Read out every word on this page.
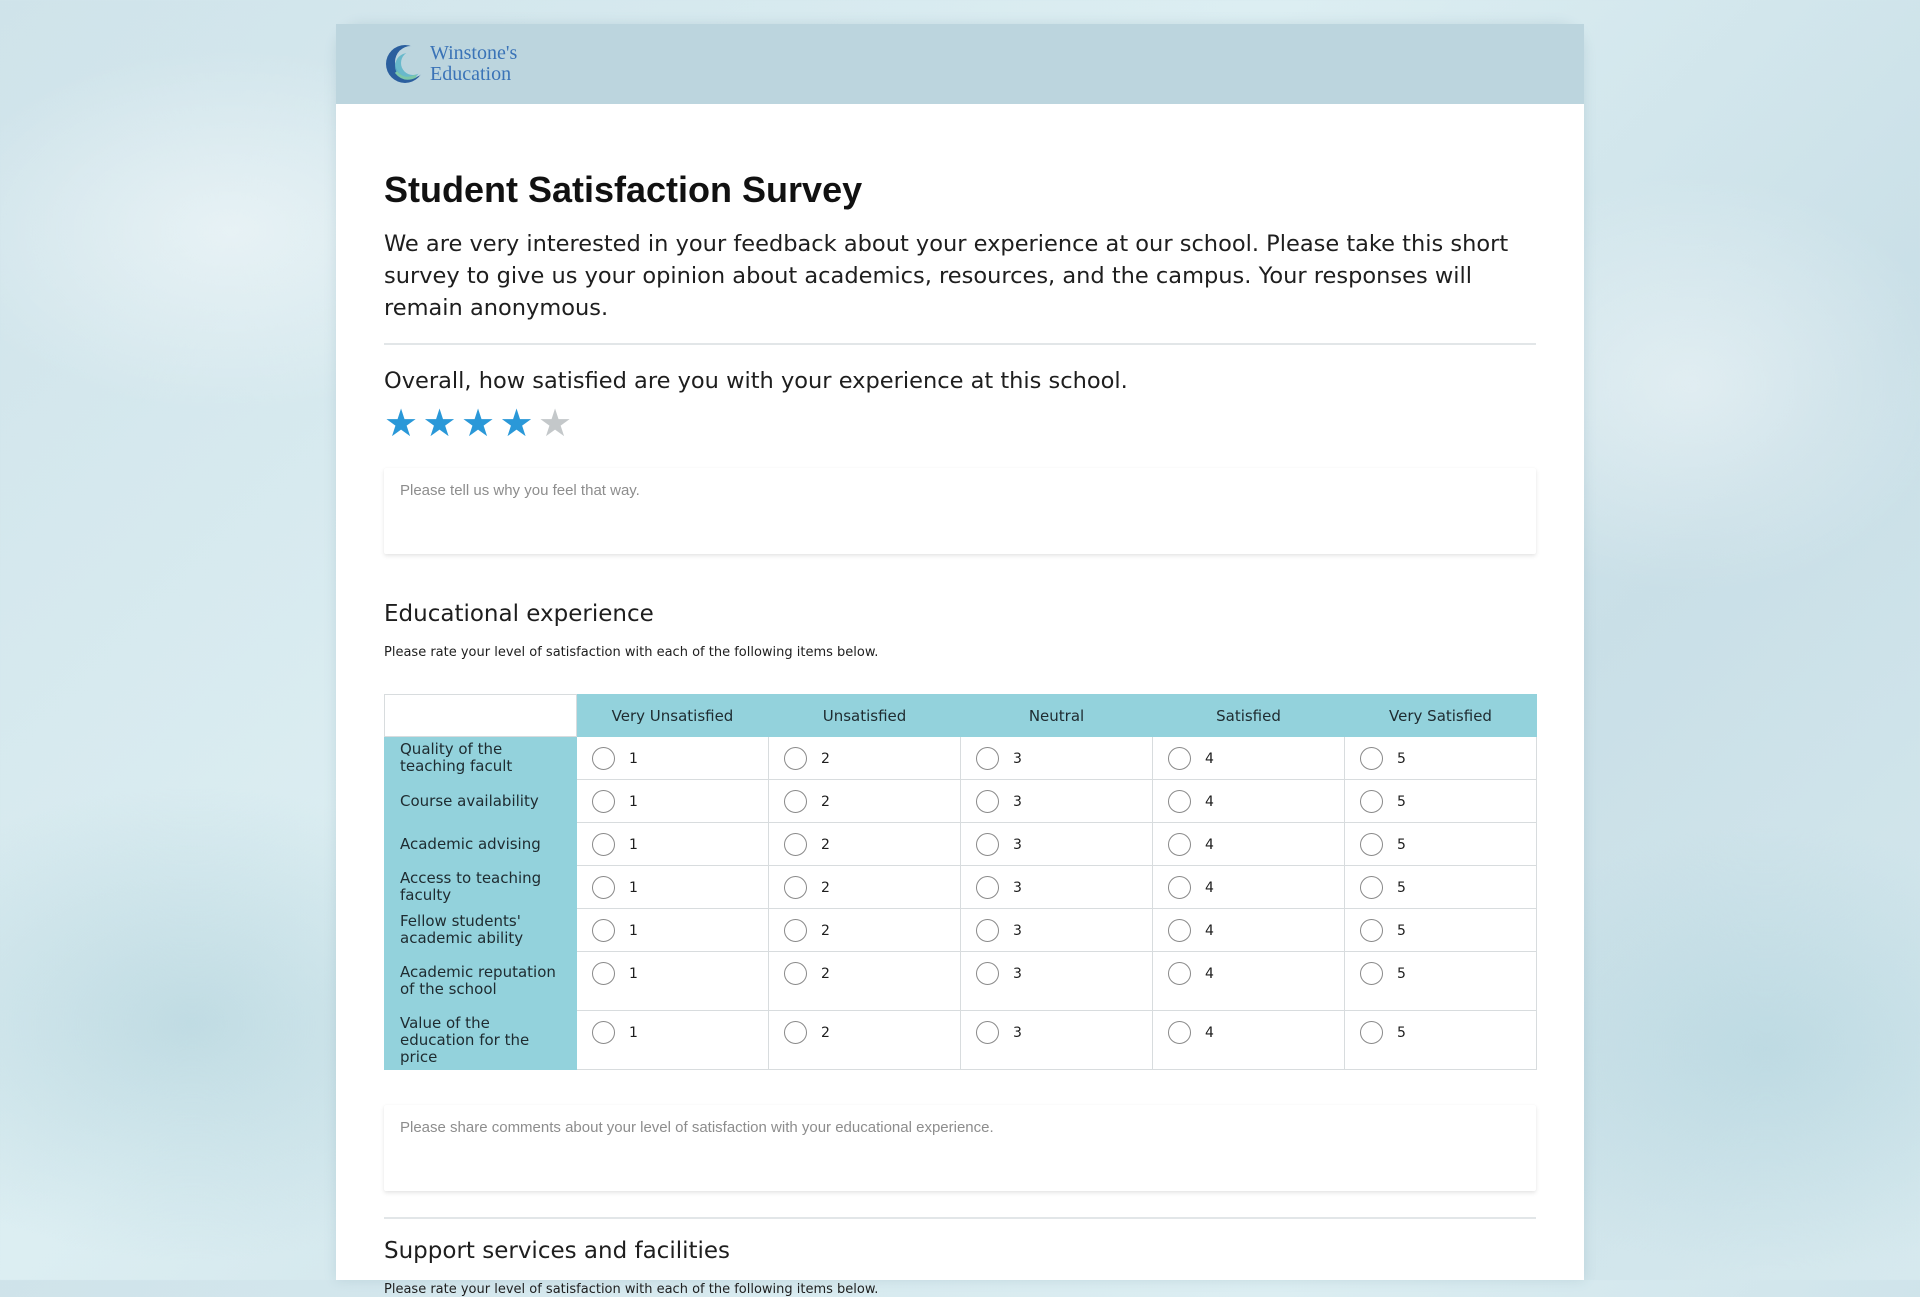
Winstone's
Education
Student Satisfaction Survey

We are very interested in your feedback about your experience at our school. Please take this short survey to give us your opinion about academics, resources, and the campus. Your responses will remain anonymous.

Overall, how satisfied are you with your experience at this school.
★ ★ ★ ★ ★
Please tell us why you feel that way.
Educational experience
Please rate your level of satisfaction with each of the following items below.
	Very Unsatisfied	Unsatisfied	Neutral	Satisfied	Very Satisfied
Quality of the teaching facult	1	2	3	4	5

Course availability	1	2	3	4	5

Academic advising	1	2	3	4	5

Access to teaching faculty	1	2	3	4	5

Fellow students' academic ability	1	2	3	4	5

Academic reputation of the school	1	2	3	4	5

Value of the education for the price	1	2	3	4	5
Please share comments about your level of satisfaction with your educational experience.
Support services and facilities
Please rate your level of satisfaction with each of the following items below.
